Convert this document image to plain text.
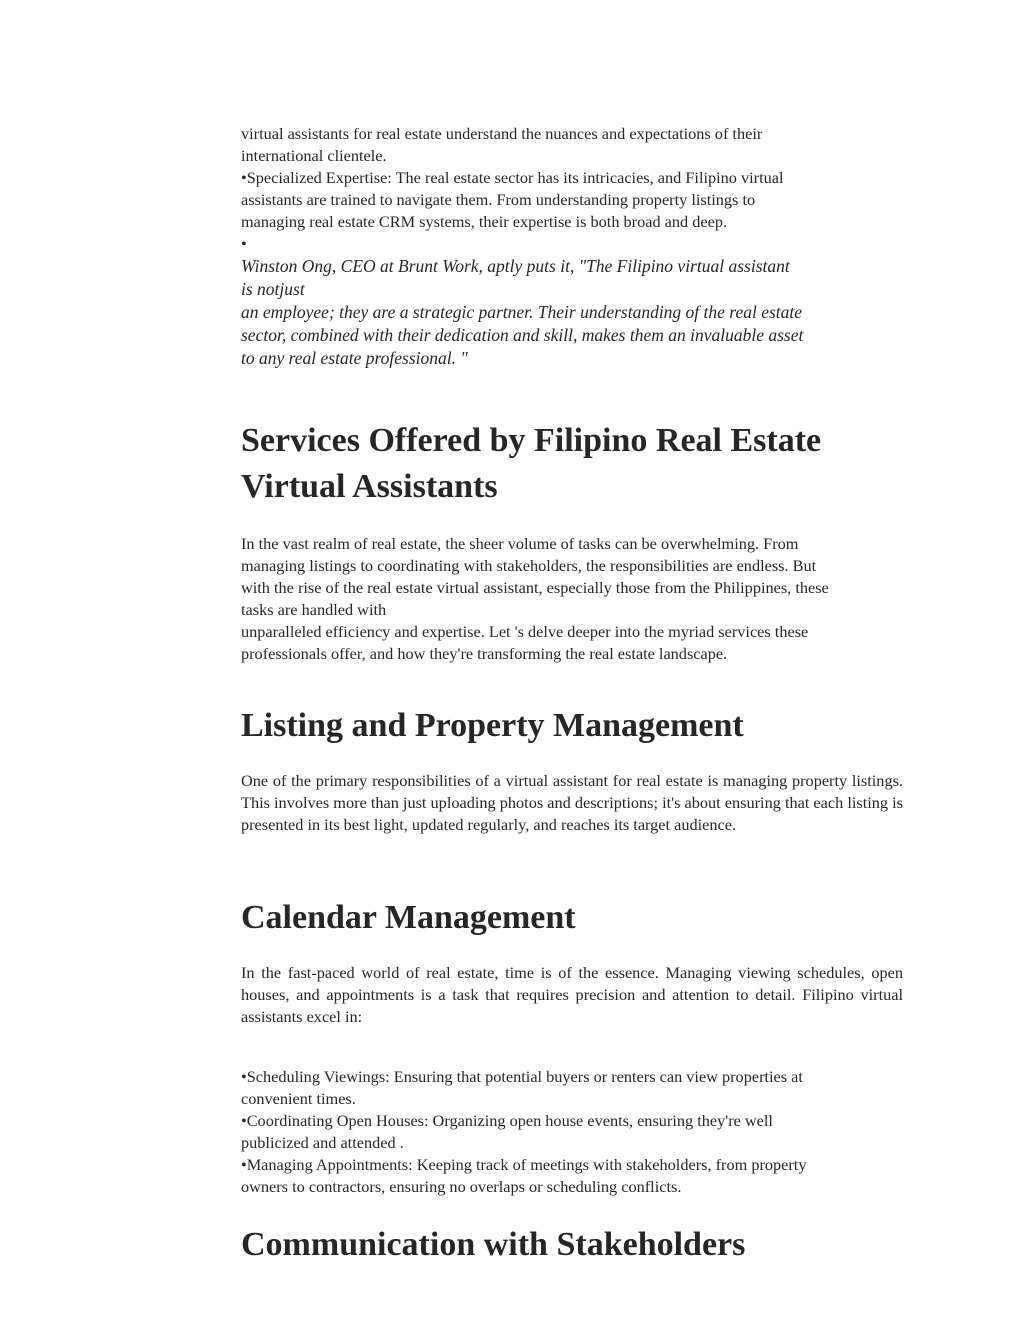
virtual assistants for real estate understand the nuances and expectations of their
international clientele.
•Specialized Expertise: The real estate sector has its intricacies, and Filipino virtual
assistants are trained to navigate them. From understanding property listings to
managing real estate CRM systems, their expertise is both broad and deep.
•
Winston Ong, CEO at Brunt Work, aptly puts it, "The Filipino virtual assistant
is notjust
an employee; they are a strategic partner. Their understanding of the real estate
sector, combined with their dedication and skill, makes them an invaluable asset
to any real estate professional. "
Services Offered by Filipino Real Estate
Virtual Assistants
In the vast realm of real estate, the sheer volume of tasks can be overwhelming. From
managing listings to coordinating with stakeholders, the responsibilities are endless. But
with the rise of the real estate virtual assistant, especially those from the Philippines, these
tasks are handled with
unparalleled efficiency and expertise. Let 's delve deeper into the myriad services these
professionals offer, and how they're transforming the real estate landscape.
Listing and Property Management

One of the primary responsibilities of a virtual assistant for real estate is managing property listings. This involves more than just uploading photos and descriptions; it's about ensuring that each listing is presented in its best light, updated regularly, and reaches its target audience.

Calendar Management

In the fast-paced world of real estate, time is of the essence. Managing viewing schedules, open houses, and appointments is a task that requires precision and attention to detail. Filipino virtual assistants excel in:

•Scheduling Viewings: Ensuring that potential buyers or renters can view properties at
convenient times.
•Coordinating Open Houses: Organizing open house events, ensuring they're well
publicized and attended .
•Managing Appointments: Keeping track of meetings with stakeholders, from property
owners to contractors, ensuring no overlaps or scheduling conflicts.
Communication with Stakeholders
